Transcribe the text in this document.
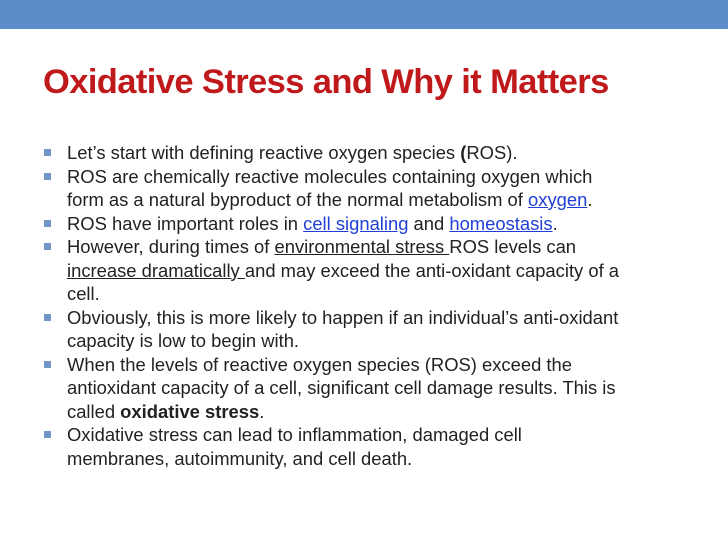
Oxidative Stress and Why it Matters
Let’s start with defining reactive oxygen species (ROS).
ROS are chemically reactive molecules containing oxygen which
form as a natural byproduct of the normal metabolism of oxygen.
ROS have important roles in cell signaling and homeostasis.
However, during times of environmental stress ROS levels can
increase dramatically and may exceed the anti-oxidant capacity of a
cell.
Obviously, this is more likely to happen if an individual’s anti-oxidant
capacity is low to begin with.
When the levels of reactive oxygen species (ROS) exceed the
antioxidant capacity of a cell, significant cell damage results. This is
called oxidative stress.
Oxidative stress can lead to inflammation, damaged cell
membranes, autoimmunity, and cell death.
